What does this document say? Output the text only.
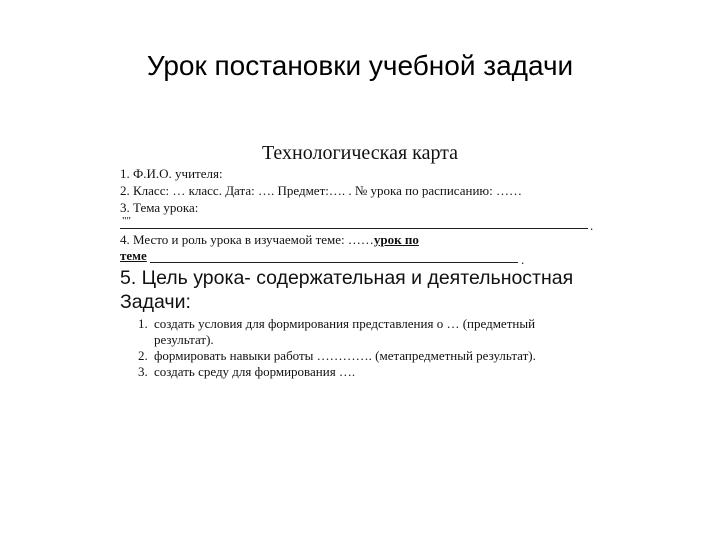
Урок постановки учебной задачи
Технологическая карта
1. Ф.И.О. учителя:
2. Класс: … класс. Дата: …. Предмет:…. . № урока по расписанию: ……
3. Тема урока:
""	.
4. Место и роль урока в изучаемой теме: ……урок по
теме	.
5. Цель урока- содержательная и деятельностная
Задачи:
1. создать условия для формирования представления о … (предметный
результат).
2. формировать навыки работы …………. (метапредметный результат).
3. создать среду для формирования ….
